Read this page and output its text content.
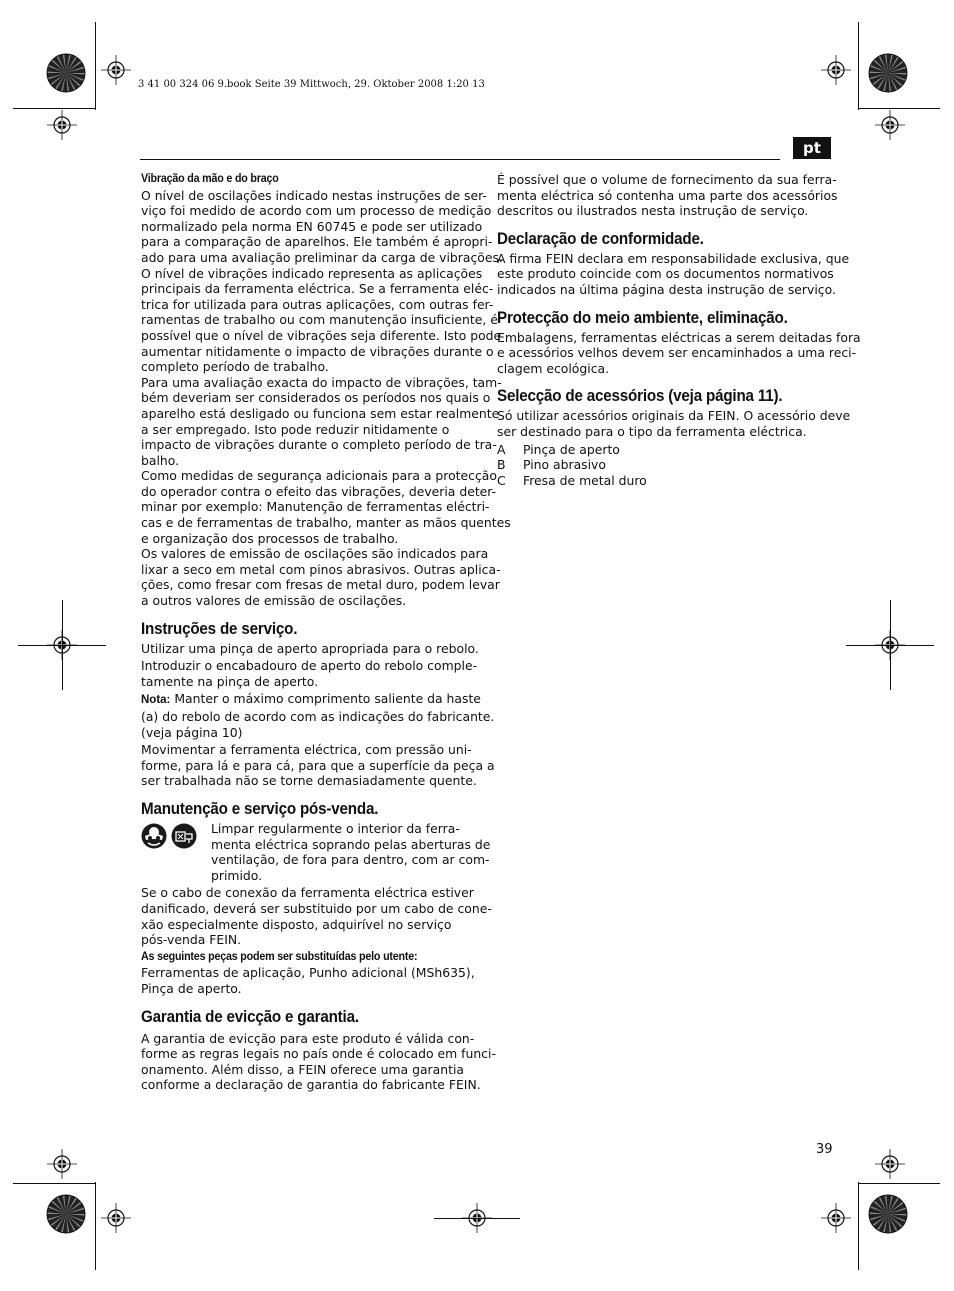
3 41 00 324 06 9.book Seite 39 Mittwoch, 29. Oktober 2008 1:20 13
pt
Vibração da mão e do braço

O nível de oscilações indicado nestas instruções de ser-

viço foi medido de acordo com um processo de medição

normalizado pela norma EN 60745 e pode ser utilizado

para a comparação de aparelhos. Ele também é apropri-

ado para uma avaliação preliminar da carga de vibrações.

O nível de vibrações indicado representa as aplicações

principais da ferramenta eléctrica. Se a ferramenta eléc-

trica for utilizada para outras aplicações, com outras fer-

ramentas de trabalho ou com manutenção insuficiente, é

possível que o nível de vibrações seja diferente. Isto pode

aumentar nitidamente o impacto de vibrações durante o

completo período de trabalho.

Para uma avaliação exacta do impacto de vibrações, tam-

bém deveriam ser considerados os períodos nos quais o

aparelho está desligado ou funciona sem estar realmente

a ser empregado. Isto pode reduzir nitidamente o

impacto de vibrações durante o completo período de tra-

balho.

Como medidas de segurança adicionais para a protecção

do operador contra o efeito das vibrações, deveria deter-

minar por exemplo: Manutenção de ferramentas eléctri-

cas e de ferramentas de trabalho, manter as mãos quentes

e organização dos processos de trabalho.

Os valores de emissão de oscilações são indicados para

lixar a seco em metal com pinos abrasivos. Outras aplica-

ções, como fresar com fresas de metal duro, podem levar

a outros valores de emissão de oscilações.

Instruções de serviço.

Utilizar uma pinça de aperto apropriada para o rebolo.

Introduzir o encabadouro de aperto do rebolo comple-

tamente na pinça de aperto.

Nota: Manter o máximo comprimento saliente da haste

(a) do rebolo de acordo com as indicações do fabricante.

(veja página 10)

Movimentar a ferramenta eléctrica, com pressão uni-

forme, para lá e para cá, para que a superfície da peça a

ser trabalhada não se torne demasiadamente quente.

Manutenção e serviço pós-venda.

Limpar regularmente o interior da ferra-

menta eléctrica soprando pelas aberturas de

ventilação, de fora para dentro, com ar com-

primido.

Se o cabo de conexão da ferramenta eléctrica estiver

danificado, deverá ser substituido por um cabo de cone-

xão especialmente disposto, adquirível no serviço

pós-venda FEIN.

As seguintes peças podem ser substituídas pelo utente:

Ferramentas de aplicação, Punho adicional (MSh635),

Pinça de aperto.

Garantia de evicção e garantia.

A garantia de evicção para este produto é válida con-

forme as regras legais no país onde é colocado em funci-

onamento. Além disso, a FEIN oferece uma garantia

conforme a declaração de garantia do fabricante FEIN.

É possível que o volume de fornecimento da sua ferra-

menta eléctrica só contenha uma parte dos acessórios

descritos ou ilustrados nesta instrução de serviço.

Declaração de conformidade.

A firma FEIN declara em responsabilidade exclusiva, que

este produto coincide com os documentos normativos

indicados na última página desta instrução de serviço.

Protecção do meio ambiente, eliminação.

Embalagens, ferramentas eléctricas a serem deitadas fora

e acessórios velhos devem ser encaminhados a uma reci-

clagem ecológica.

Selecção de acessórios (veja página 11).

Só utilizar acessórios originais da FEIN. O acessório deve

ser destinado para o tipo da ferramenta eléctrica.

A	Pinça de aperto
B	Pino abrasivo
C	Fresa de metal duro
39
